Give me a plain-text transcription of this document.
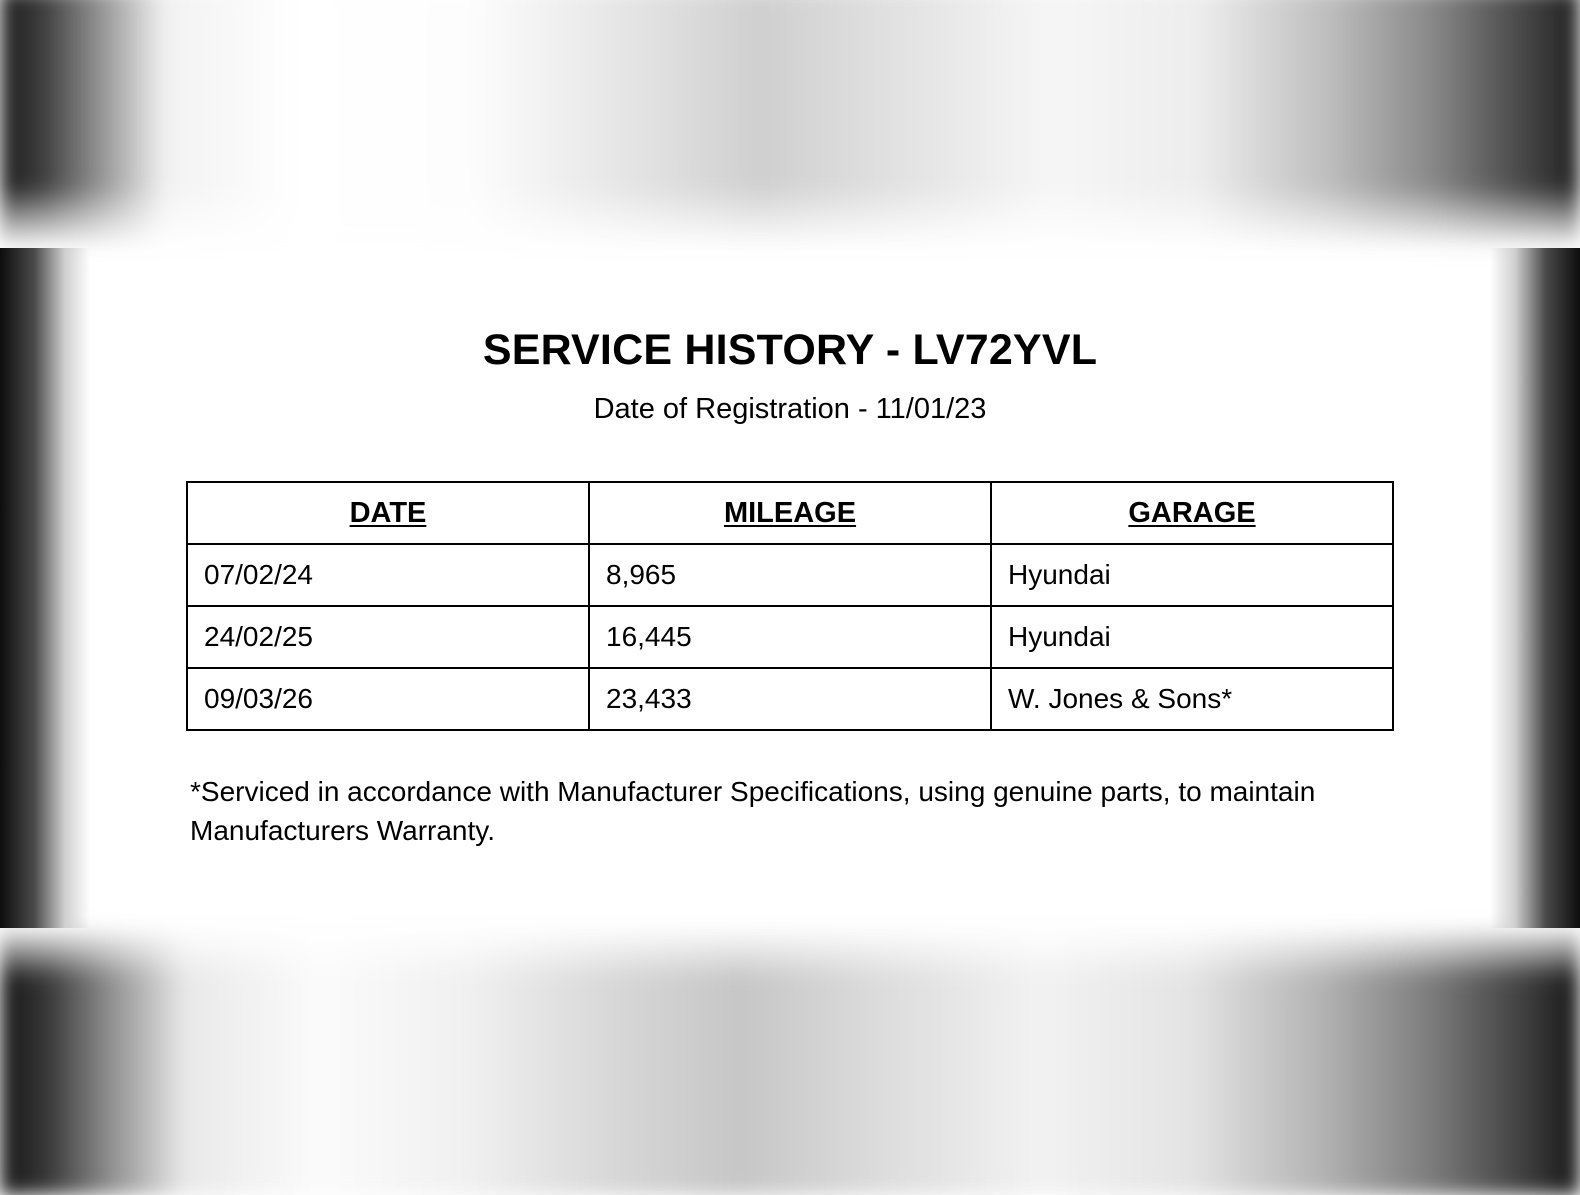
SERVICE HISTORY - LV72YVL
Date of Registration - 11/01/23
DATE	MILEAGE	GARAGE
07/02/24	8,965	Hyundai
24/02/25	16,445	Hyundai
09/03/26	23,433	W. Jones & Sons*
*Serviced in accordance with Manufacturer Specifications, using genuine parts, to maintain Manufacturers Warranty.
